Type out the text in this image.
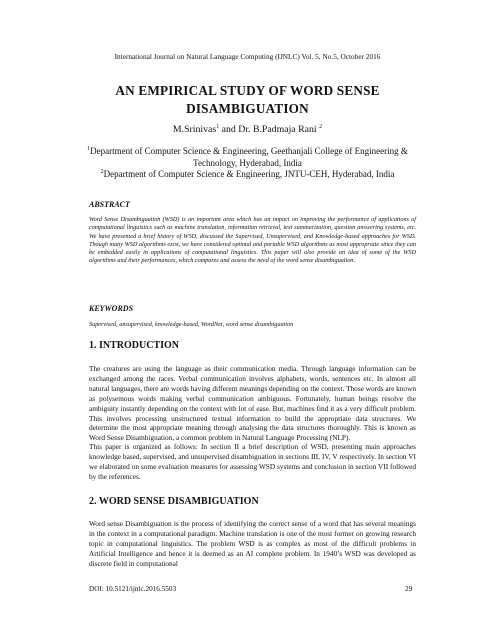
International Journal on Natural Language Computing (IJNLC) Vol. 5, No.5, October 2016
AN EMPIRICAL STUDY OF WORD SENSE
DISAMBIGUATION
M.Srinivas$^1$ and Dr. B.Padmaja Rani $^2$
$^1$Department of Computer Science & Engineering, Geethanjali College of Engineering & Technology, Hyderabad, India
$^2$Department of Computer Science & Engineering, JNTU-CEH, Hyderabad, India
ABSTRACT
Word Sense Disambiguation (WSD) is an important area which has an impact on improving the performance of applications of computational linguistics such as machine translation, information retrieval, text summarization, question answering systems, etc. We have presented a brief history of WSD, discussed the Supervised, Unsupervised, and Knowledge-based approaches for WSD. Though many WSD algorithms exist, we have considered optimal and portable WSD algorithms as most appropriate since they can be embedded easily in applications of computational linguistics. This paper will also provide an idea of some of the WSD algorithms and their performances, which compares and assess the need of the word sense disambiguation.
KEYWORDS
Supervised, unsupervised, knowledge-based, WordNet, word sense disambiguation
1. INTRODUCTION
The creatures are using the language as their communication media. Through language information can be exchanged among the races. Verbal communication involves alphabets, words, sentences etc. In almost all natural languages, there are words having different meanings depending on the context. Those words are known as polysemous words making verbal communication ambiguous. Fortunately, human beings resolve the ambiguity instantly depending on the context with lot of ease. But, machines find it as a very difficult problem. This involves processing unstructured textual information to build the appropriate data structures. We determine the most appropriate meaning through analysing the data structures thoroughly. This is known as Word Sense Disambiguation, a common problem in Natural Language Processing (NLP).
This paper is organized as follows: In section II a brief description of WSD, presenting main approaches knowledge based, supervised, and unsupervised disambiguation in sections III, IV, V respectively. In section VI we elaborated on some evaluation measures for assessing WSD systems and conclusion in section VII followed by the references.
2. WORD SENSE DISAMBIGUATION
Word sense Disambiguation is the process of identifying the correct sense of a word that has several meanings in the context in a computational paradigm. Machine translation is one of the most former on growing research topic in computational linguistics. The problem WSD is as complex as most of the difficult problems in Artificial Intelligence and hence it is deemed as an AI complete problem. In 1940’s WSD was developed as discrete field in computational
DOI: 10.5121/ijnlc.2016.5503	29
